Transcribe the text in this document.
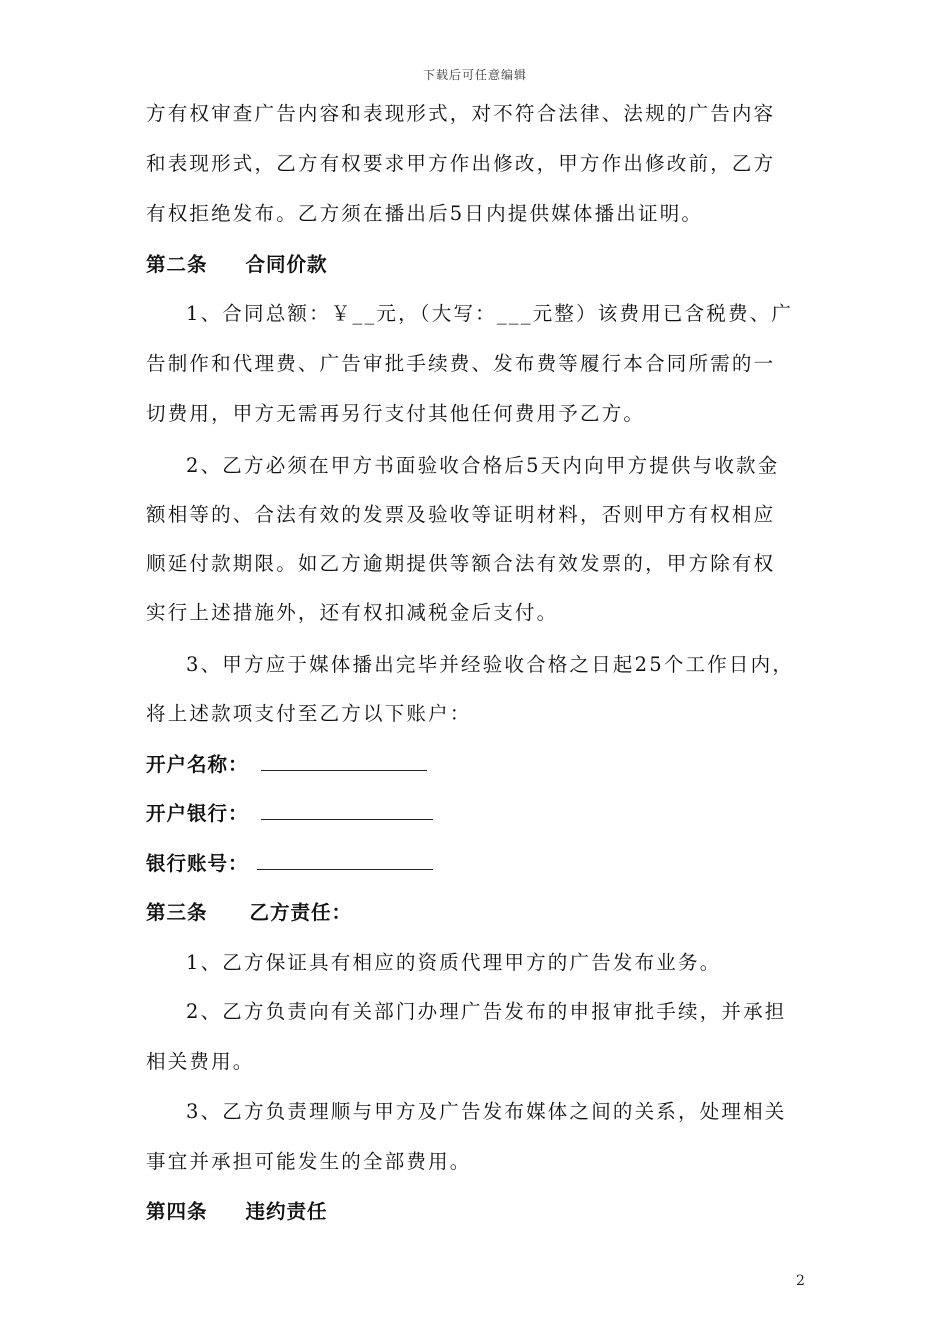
下载后可任意编辑
方有权审查广告内容和表现形式，对不符合法律、法规的广告内容
和表现形式，乙方有权要求甲方作出修改，甲方作出修改前，乙方
有权拒绝发布。乙方须在播出后5日内提供媒体播出证明。
第二条 合同价款
1、合同总额：￥__元，（大写：___元整）该费用已含税费、广
告制作和代理费、广告审批手续费、发布费等履行本合同所需的一
切费用，甲方无需再另行支付其他任何费用予乙方。
2、乙方必须在甲方书面验收合格后5天内向甲方提供与收款金
额相等的、合法有效的发票及验收等证明材料，否则甲方有权相应
顺延付款期限。如乙方逾期提供等额合法有效发票的，甲方除有权
实行上述措施外，还有权扣减税金后支付。
3、甲方应于媒体播出完毕并经验收合格之日起25个工作日内，
将上述款项支付至乙方以下账户：
开户名称：
开户银行：
银行账号：
第三条 乙方责任：
1、乙方保证具有相应的资质代理甲方的广告发布业务。
2、乙方负责向有关部门办理广告发布的申报审批手续，并承担
相关费用。
3、乙方负责理顺与甲方及广告发布媒体之间的关系，处理相关
事宜并承担可能发生的全部费用。
第四条 违约责任
2
